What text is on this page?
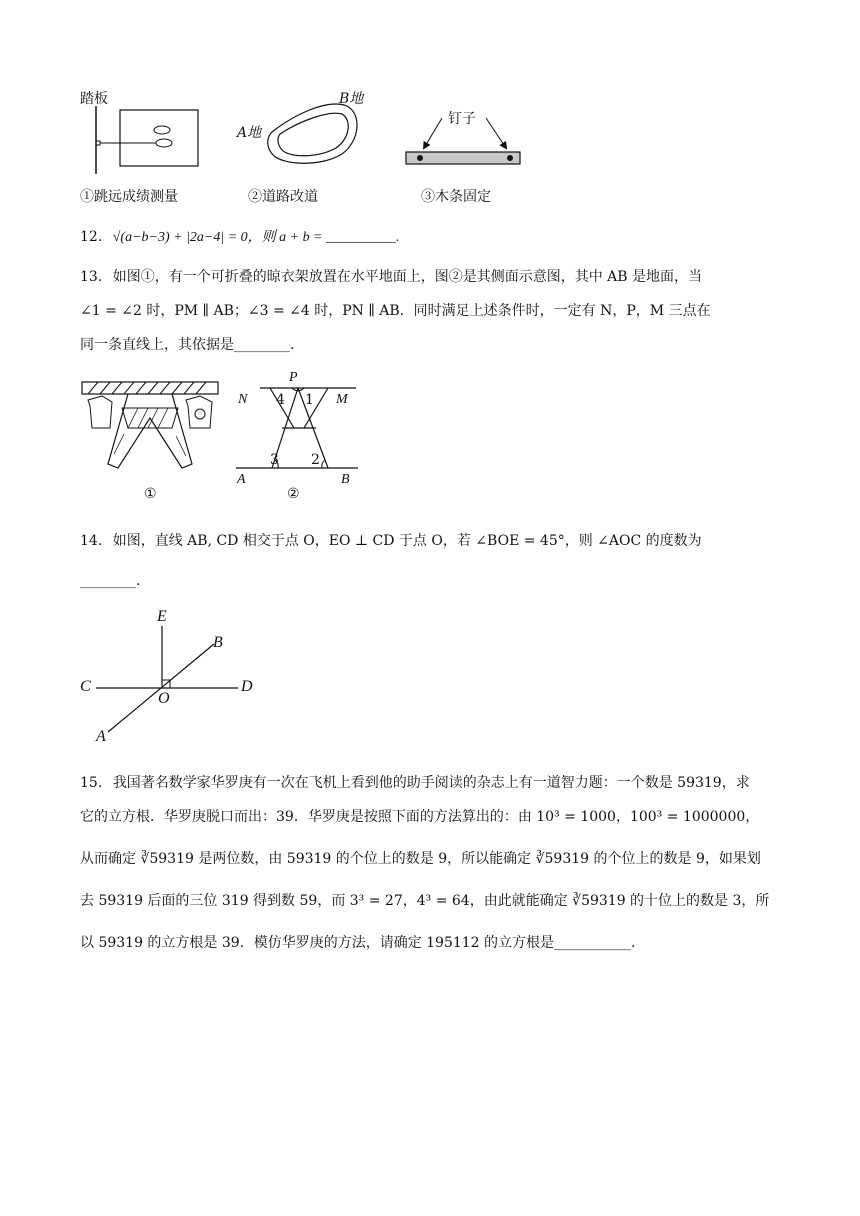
踏板
A地
B地
钉子
①跳远成绩测量	②道路改道	③木条固定
12. √(a−b−3) + |2a−4| = 0，则 a + b = __________.
13. 如图①，有一个可折叠的晾衣架放置在水平地面上，图②是其侧面示意图，其中 AB 是地面，当
∠1 = ∠2 时，PM ∥ AB；∠3 = ∠4 时，PN ∥ AB．同时满足上述条件时，一定有 N，P，M 三点在
同一条直线上，其依据是________.
①
P
N	M
4 1
3 2
A	B
②
14. 如图，直线 AB, CD 相交于点 O，EO ⊥ CD 于点 O，若 ∠BOE = 45°，则 ∠AOC 的度数为
________.
E
B
C	D
O
A
15. 我国著名数学家华罗庚有一次在飞机上看到他的助手阅读的杂志上有一道智力题：一个数是 59319，求
它的立方根．华罗庚脱口而出：39．华罗庚是按照下面的方法算出的：由 10³ = 1000，100³ = 1000000，
从而确定 ∛59319 是两位数，由 59319 的个位上的数是 9，所以能确定 ∛59319 的个位上的数是 9，如果划
去 59319 后面的三位 319 得到数 59，而 3³ = 27，4³ = 64，由此就能确定 ∛59319 的十位上的数是 3，所
以 59319 的立方根是 39．模仿华罗庚的方法，请确定 195112 的立方根是___________.
